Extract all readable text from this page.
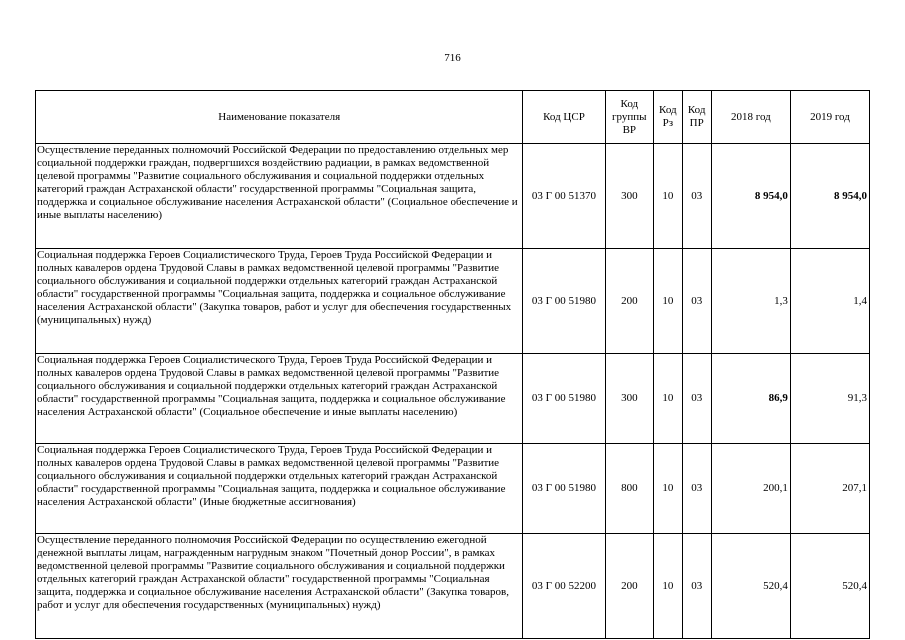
716
Наименование показателя	Код ЦСР	Код группы ВР	Код Рз	Код ПР	2018 год	2019 год
Осуществление переданных полномочий Российской Федерации по предоставлению отдельных мер социальной поддержки граждан, подвергшихся воздействию радиации, в рамках ведомственной целевой программы "Развитие социального обслуживания и социальной поддержки отдельных категорий граждан Астраханской области" государственной программы "Социальная защита, поддержка и социальное обслуживание населения Астраханской области" (Социальное обеспечение и иные выплаты населению)	03 Г 00 51370	300	10	03	8 954,0	8 954,0
Социальная поддержка Героев Социалистического Труда, Героев Труда Российской Федерации и полных кавалеров ордена Трудовой Славы в рамках ведомственной целевой программы "Развитие социального обслуживания и социальной поддержки отдельных категорий граждан Астраханской области" государственной программы "Социальная защита, поддержка и социальное обслуживание населения Астраханской области" (Закупка товаров, работ и услуг для обеспечения государственных (муниципальных) нужд)	03 Г 00 51980	200	10	03	1,3	1,4
Социальная поддержка Героев Социалистического Труда, Героев Труда Российской Федерации и полных кавалеров ордена Трудовой Славы в рамках ведомственной целевой программы "Развитие социального обслуживания и социальной поддержки отдельных категорий граждан Астраханской области" государственной программы "Социальная защита, поддержка и социальное обслуживание населения Астраханской области" (Социальное обеспечение и иные выплаты населению)	03 Г 00 51980	300	10	03	86,9	91,3
Социальная поддержка Героев Социалистического Труда, Героев Труда Российской Федерации и полных кавалеров ордена Трудовой Славы в рамках ведомственной целевой программы "Развитие социального обслуживания и социальной поддержки отдельных категорий граждан Астраханской области" государственной программы "Социальная защита, поддержка и социальное обслуживание населения Астраханской области" (Иные бюджетные ассигнования)	03 Г 00 51980	800	10	03	200,1	207,1
Осуществление переданного полномочия Российской Федерации по осуществлению ежегодной денежной выплаты лицам, награжденным нагрудным знаком "Почетный донор России", в рамках ведомственной целевой программы "Развитие социального обслуживания и социальной поддержки отдельных категорий граждан Астраханской области" государственной программы "Социальная защита, поддержка и социальное обслуживание населения Астраханской области" (Закупка товаров, работ и услуг для обеспечения государственных (муниципальных) нужд)	03 Г 00 52200	200	10	03	520,4	520,4
